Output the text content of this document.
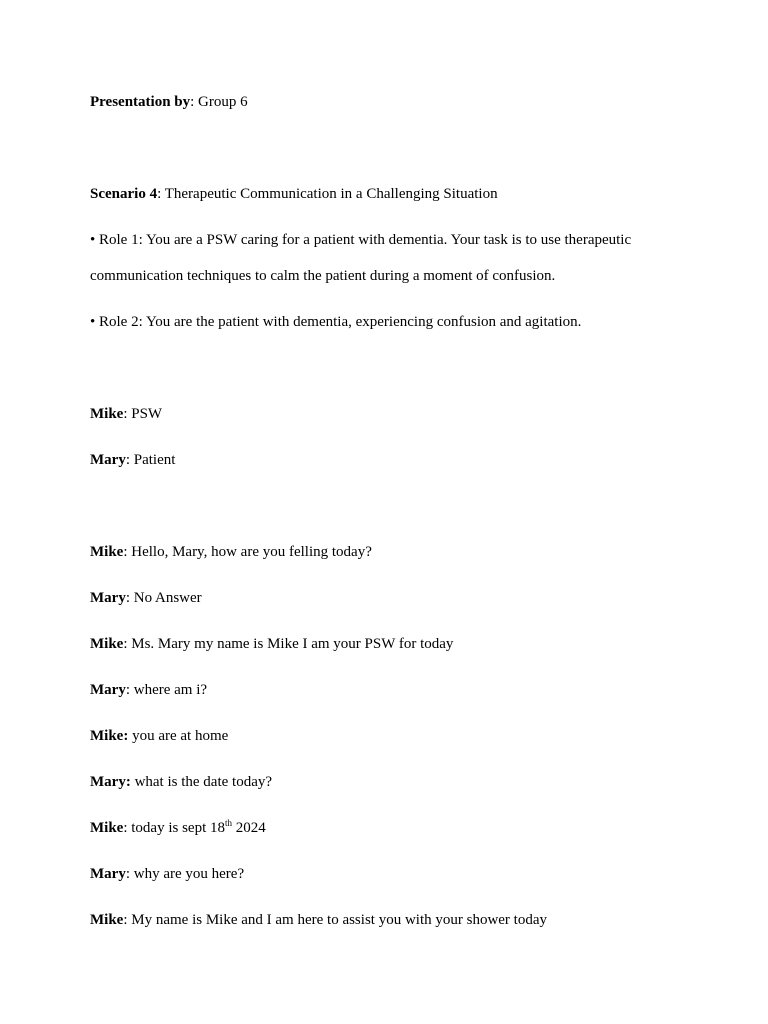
Presentation by: Group 6
Scenario 4: Therapeutic Communication in a Challenging Situation
• Role 1: You are a PSW caring for a patient with dementia. Your task is to use therapeutic
communication techniques to calm the patient during a moment of confusion.
• Role 2: You are the patient with dementia, experiencing confusion and agitation.
Mike: PSW
Mary: Patient
Mike: Hello, Mary, how are you felling today?
Mary: No Answer
Mike: Ms. Mary my name is Mike I am your PSW for today
Mary: where am i?
Mike: you are at home
Mary: what is the date today?
Mike: today is sept 18th 2024
Mary: why are you here?
Mike: My name is Mike and I am here to assist you with your shower today
